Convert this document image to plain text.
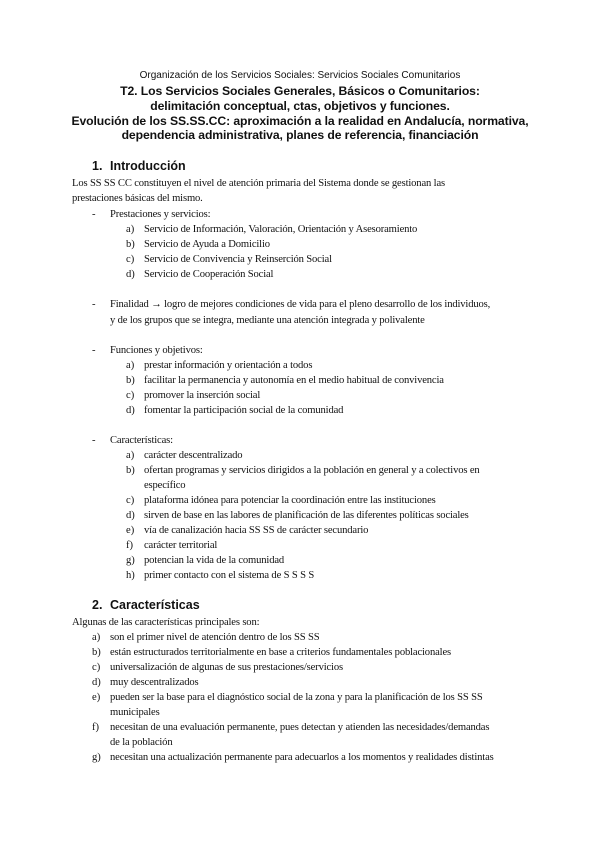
Organización de los Servicios Sociales: Servicios Sociales Comunitarios
T2. Los Servicios Sociales Generales, Básicos o Comunitarios:
delimitación conceptual, ctas, objetivos y funciones.
Evolución de los SS.SS.CC: aproximación a la realidad en Andalucía, normativa,
dependencia administrativa, planes de referencia, financiación
1. Introducción
Los SS SS CC constituyen el nivel de atención primaria del Sistema donde se gestionan las
prestaciones básicas del mismo.
- Prestaciones y servicios:
a) Servicio de Información, Valoración, Orientación y Asesoramiento
b) Servicio de Ayuda a Domicilio
c) Servicio de Convivencia y Reinserción Social
d) Servicio de Cooperación Social
- Finalidad → logro de mejores condiciones de vida para el pleno desarrollo de los individuos,
y de los grupos que se integra, mediante una atención integrada y polivalente
- Funciones y objetivos:
a) prestar información y orientación a todos
b) facilitar la permanencia y autonomía en el medio habitual de convivencia
c) promover la inserción social
d) fomentar la participación social de la comunidad
- Características:
a) carácter descentralizado
b) ofertan programas y servicios dirigidos a la población en general y a colectivos en
específico
c) plataforma idónea para potenciar la coordinación entre las instituciones
d) sirven de base en las labores de planificación de las diferentes políticas sociales
e) vía de canalización hacia SS SS de carácter secundario
f) carácter territorial
g) potencian la vida de la comunidad
h) primer contacto con el sistema de S S S S
2. Características
Algunas de las características principales son:
a) son el primer nivel de atención dentro de los SS SS
b) están estructurados territorialmente en base a criterios fundamentales poblacionales
c) universalización de algunas de sus prestaciones/servicios
d) muy descentralizados
e) pueden ser la base para el diagnóstico social de la zona y para la planificación de los SS SS
municipales
f) necesitan de una evaluación permanente, pues detectan y atienden las necesidades/demandas
de la población
g) necesitan una actualización permanente para adecuarlos a los momentos y realidades distintas
